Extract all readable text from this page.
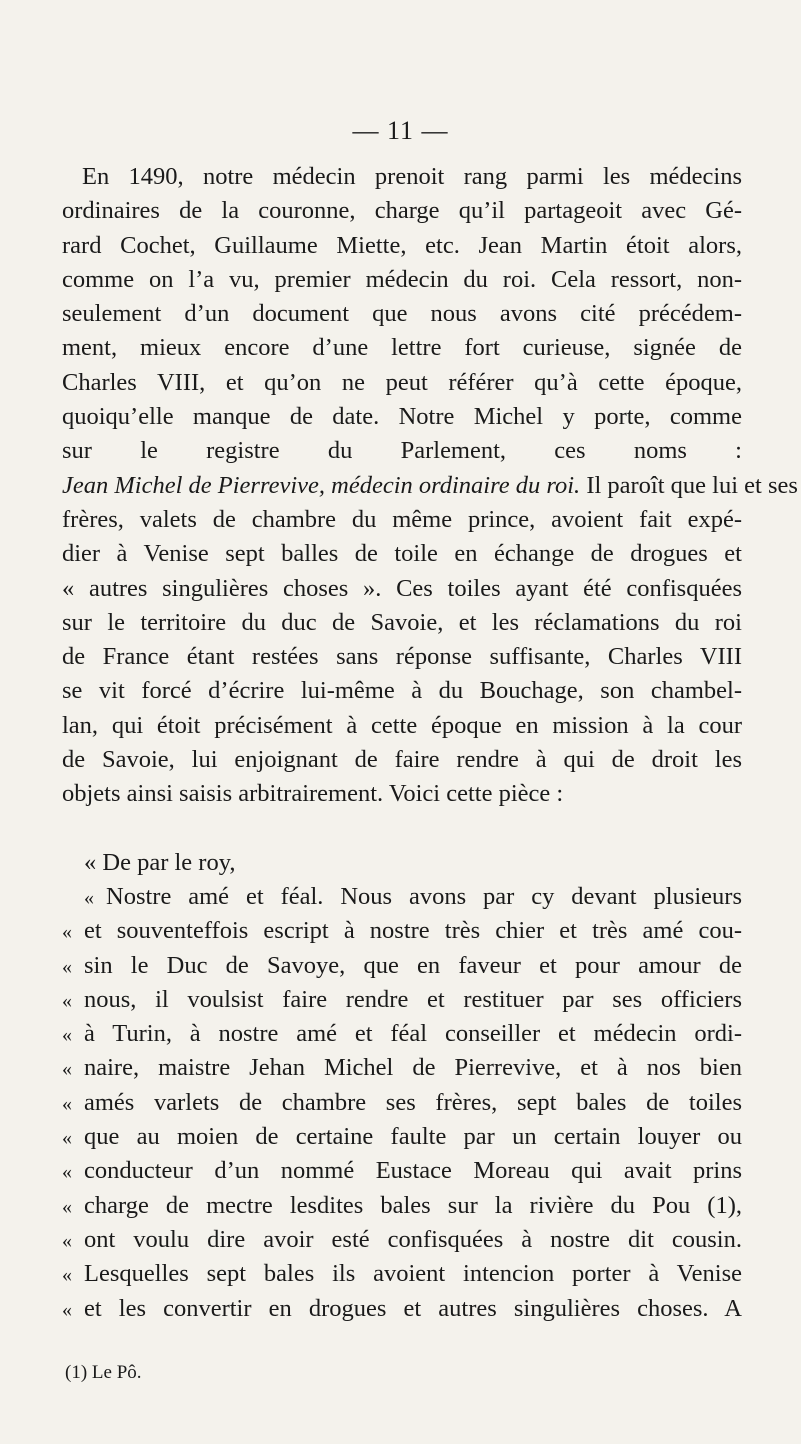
— 11 —
En 1490, notre médecin prenoit rang parmi les médecins
ordinaires de la couronne, charge qu’il partageoit avec Gé-
rard Cochet, Guillaume Miette, etc. Jean Martin étoit alors,
comme on l’a vu, premier médecin du roi. Cela ressort, non-
seulement d’un document que nous avons cité précédem-
ment, mieux encore d’une lettre fort curieuse, signée de
Charles VIII, et qu’on ne peut référer qu’à cette époque,
quoiqu’elle manque de date. Notre Michel y porte, comme
sur le registre du Parlement, ces noms :
Jean Michel de Pierrevive, médecin ordinaire du roi. Il paroît que lui et ses
frères, valets de chambre du même prince, avoient fait expé-
dier à Venise sept balles de toile en échange de drogues et
« autres singulières choses ». Ces toiles ayant été confisquées
sur le territoire du duc de Savoie, et les réclamations du roi
de France étant restées sans réponse suffisante, Charles VIII
se vit forcé d’écrire lui-même à du Bouchage, son chambel-
lan, qui étoit précisément à cette époque en mission à la cour
de Savoie, lui enjoignant de faire rendre à qui de droit les
objets ainsi saisis arbitrairement. Voici cette pièce :
« De par le roy,
« Nostre amé et féal. Nous avons par cy devant plusieurs
« et souventeffois escript à nostre très chier et très amé cou-
« sin le Duc de Savoye, que en faveur et pour amour de
« nous, il voulsist faire rendre et restituer par ses officiers
« à Turin, à nostre amé et féal conseiller et médecin ordi-
« naire, maistre Jehan Michel de Pierrevive, et à nos bien
« amés varlets de chambre ses frères, sept bales de toiles
« que au moien de certaine faulte par un certain louyer ou
« conducteur d’un nommé Eustace Moreau qui avait prins
« charge de mectre lesdites bales sur la rivière du Pou (1),
« ont voulu dire avoir esté confisquées à nostre dit cousin.
« Lesquelles sept bales ils avoient intencion porter à Venise
« et les convertir en drogues et autres singulières choses. A
(1) Le Pô.
